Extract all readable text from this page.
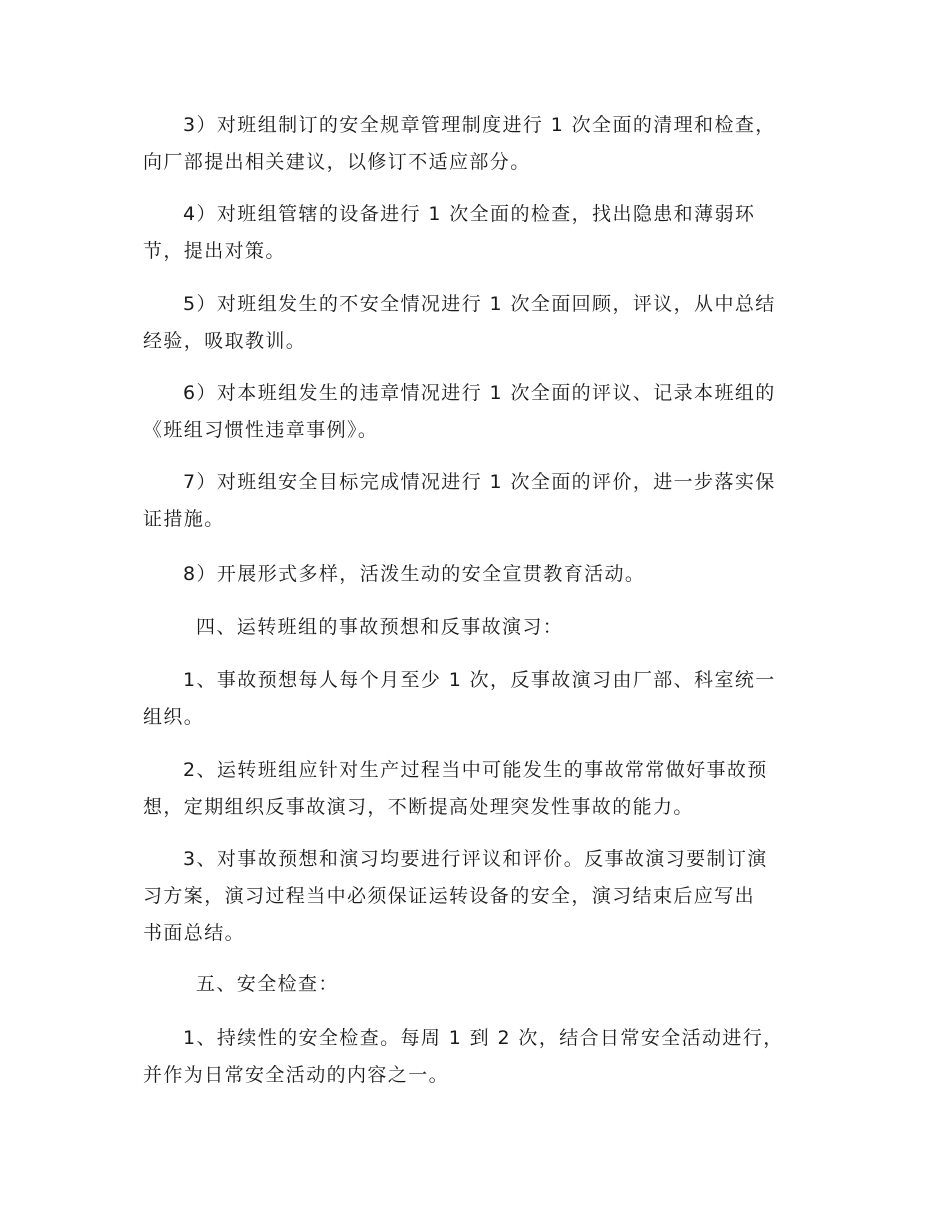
3）对班组制订的安全规章管理制度进行 1 次全面的清理和检查，
向厂部提出相关建议，以修订不适应部分。

4）对班组管辖的设备进行 1 次全面的检查，找出隐患和薄弱环
节，提出对策。

5）对班组发生的不安全情况进行 1 次全面回顾，评议，从中总结
经验，吸取教训。

6）对本班组发生的违章情况进行 1 次全面的评议、记录本班组的
《班组习惯性违章事例》。

7）对班组安全目标完成情况进行 1 次全面的评价，进一步落实保
证措施。

8）开展形式多样，活泼生动的安全宣贯教育活动。

四、运转班组的事故预想和反事故演习：

1、事故预想每人每个月至少 1 次，反事故演习由厂部、科室统一
组织。

2、运转班组应针对生产过程当中可能发生的事故常常做好事故预
想，定期组织反事故演习，不断提高处理突发性事故的能力。

3、对事故预想和演习均要进行评议和评价。反事故演习要制订演
习方案，演习过程当中必须保证运转设备的安全，演习结束后应写出
书面总结。

五、安全检查：

1、持续性的安全检查。每周 1 到 2 次，结合日常安全活动进行，
并作为日常安全活动的内容之一。
